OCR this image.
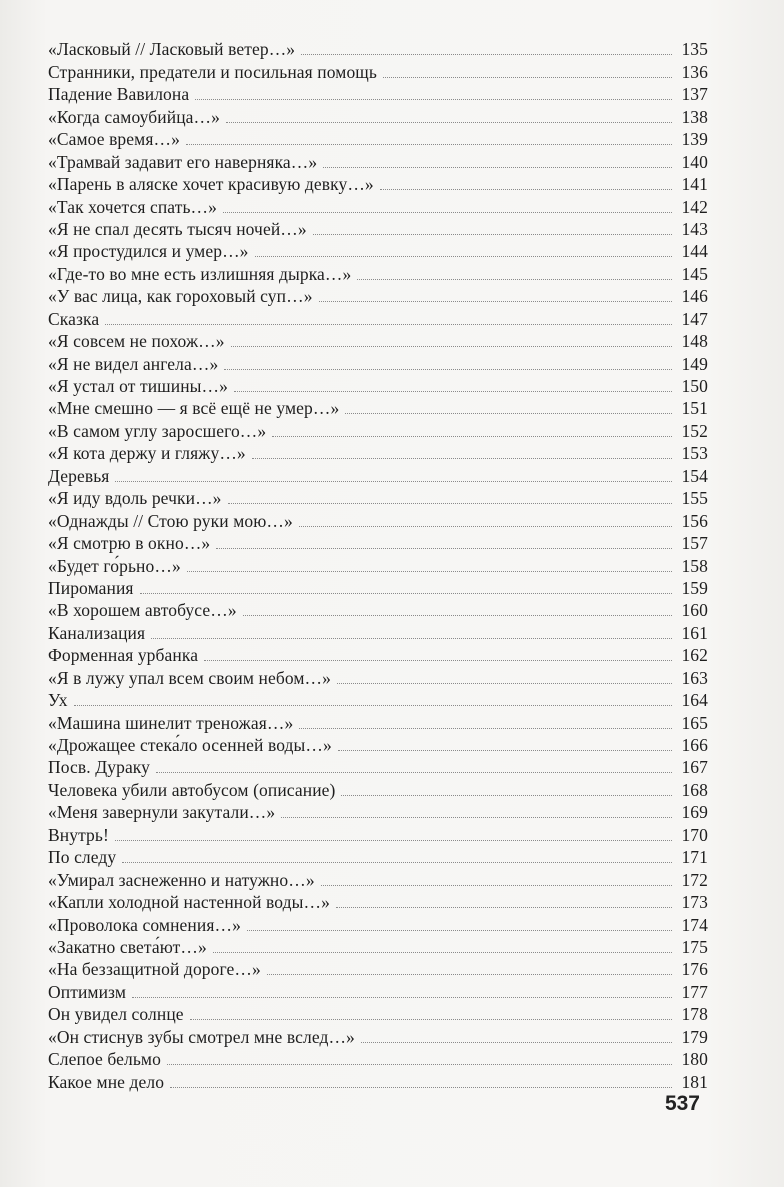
«Ласковый // Ласковый ветер…»	135
Странники, предатели и посильная помощь	136
Падение Вавилона	137
«Когда самоубийца…»	138
«Самое время…»	139
«Трамвай задавит его наверняка…»	140
«Парень в аляске хочет красивую девку…»	141
«Так хочется спать…»	142
«Я не спал десять тысяч ночей…»	143
«Я простудился и умер…»	144
«Где-то во мне есть излишняя дырка…»	145
«У вас лица, как гороховый суп…»	146
Сказка	147
«Я совсем не похож…»	148
«Я не видел ангела…»	149
«Я устал от тишины…»	150
«Мне смешно — я всё ещё не умер…»	151
«В самом углу заросшего…»	152
«Я кота держу и гляжу…»	153
Деревья	154
«Я иду вдоль речки…»	155
«Однажды // Стою руки мою…»	156
«Я смотрю в окно…»	157
«Будет го́рьно…»	158
Пиромания	159
«В хорошем автобусе…»	160
Канализация	161
Форменная урбанка	162
«Я в лужу упал всем своим небом…»	163
Ух	164
«Машина шинелит треножая…»	165
«Дрожащее стека́ло осенней воды…»	166
Посв. Дураку	167
Человека убили автобусом (описание)	168
«Меня завернули закутали…»	169
Внутрь!	170
По следу	171
«Умирал заснеженно и натужно…»	172
«Капли холодной настенной воды…»	173
«Проволока сомнения…»	174
«Закатно света́ют…»	175
«На беззащитной дороге…»	176
Оптимизм	177
Он увидел солнце	178
«Он стиснув зубы смотрел мне вслед…»	179
Слепое бельмо	180
Какое мне дело	181
537
